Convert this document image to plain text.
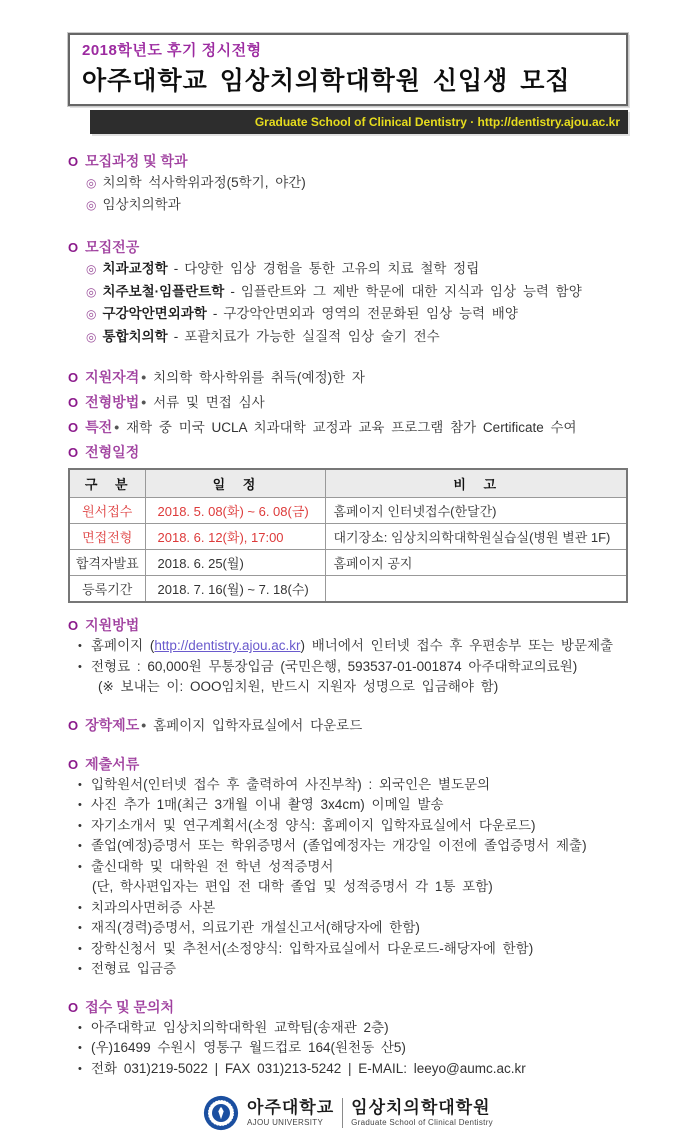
2018학년도 후기 정시전형
아주대학교 임상치의학대학원 신입생 모집
Graduate School of Clinical Dentistry · http://dentistry.ajou.ac.kr
O 모집과정 및 학과
◎ 치의학 석사학위과정(5학기, 야간)
◎ 임상치의학과
O 모집전공
◎ 치과교정학 - 다양한 임상 경험을 통한 고유의 치료 철학 정립
◎ 치주보철·임플란트학 - 임플란트와 그 제반 학문에 대한 지식과 임상 능력 함양
◎ 구강악안면외과학 - 구강악안면외과 영역의 전문화된 임상 능력 배양
◎ 통합치의학 - 포괄치료가 가능한 실질적 임상 술기 전수
O 지원자격 • 치의학 학사학위를 취득(예정)한 자
O 전형방법 • 서류 및 면접 심사
O 특전 • 재학 중 미국 UCLA 치과대학 교정과 교육 프로그램 참가 Certificate 수여
O 전형일정
구 분	일 정	비 고
원서접수	2018. 5. 08(화) ~ 6. 08(금)	홈페이지 인터넷접수(한달간)
면접전형	2018. 6. 12(화), 17:00	대기장소: 임상치의학대학원실습실(병원 별관 1F)
합격자발표	2018. 6. 25(월)	홈페이지 공지
등록기간	2018. 7. 16(월) ~ 7. 18(수)	
O 지원방법
• 홈페이지 (http://dentistry.ajou.ac.kr) 배너에서 인터넷 접수 후 우편송부 또는 방문제출
• 전형료 : 60,000원 무통장입금 (국민은행, 593537-01-001874 아주대학교의료원)
(※ 보내는 이: OOO임치원, 반드시 지원자 성명으로 입금해야 함)
O 장학제도 • 홈페이지 입학자료실에서 다운로드
O 제출서류
• 입학원서(인터넷 접수 후 출력하여 사진부착) : 외국인은 별도문의
• 사진 추가 1매(최근 3개월 이내 촬영 3x4cm) 이메일 발송
• 자기소개서 및 연구계획서(소정 양식: 홈페이지 입학자료실에서 다운로드)
• 졸업(예정)증명서 또는 학위증명서 (졸업예정자는 개강일 이전에 졸업증명서 제출)
• 출신대학 및 대학원 전 학년 성적증명서
(단, 학사편입자는 편입 전 대학 졸업 및 성적증명서 각 1통 포함)
• 치과의사면허증 사본
• 재직(경력)증명서, 의료기관 개설신고서(해당자에 한함)
• 장학신청서 및 추천서(소정양식: 입학자료실에서 다운로드-해당자에 한함)
• 전형료 입금증
O 접수 및 문의처
• 아주대학교 임상치의학대학원 교학팀(송재관 2층)
• (우)16499 수원시 영통구 월드컵로 164(원천동 산5)
• 전화 031)219-5022 | FAX 031)213-5242 | E-MAIL: leeyo@aumc.ac.kr
아주대학교
AJOU UNIVERSITY
임상치의학대학원
Graduate School of Clinical Dentistry
